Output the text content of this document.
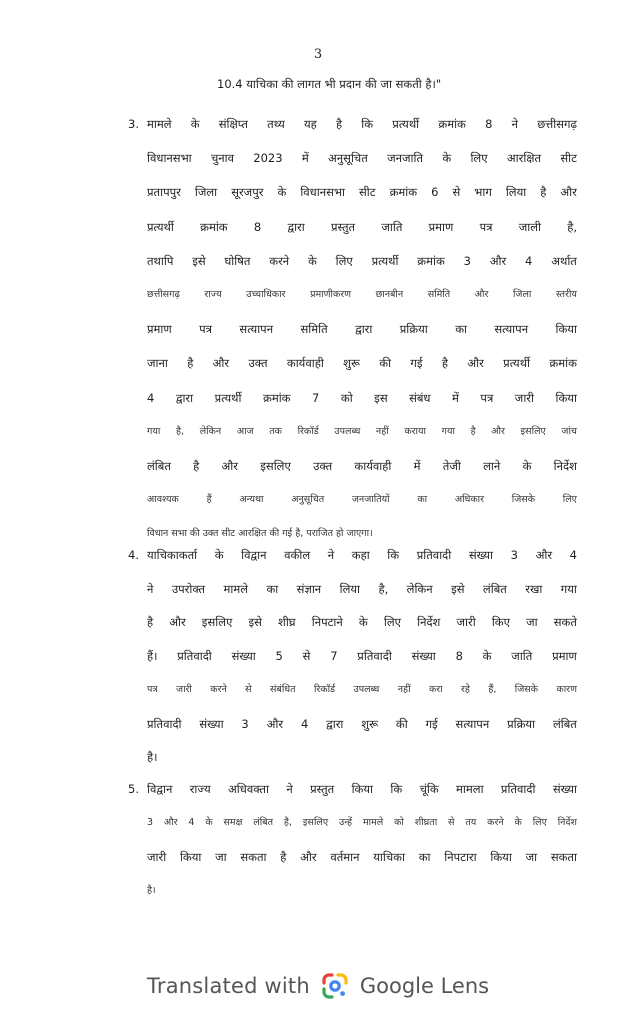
3
10.4 याचिका की लागत भी प्रदान की जा सकती है।"
3. मामले के संक्षिप्त तथ्य यह है कि प्रत्यर्थी क्रमांक 8 ने छत्तीसगढ़
विधानसभा चुनाव 2023 में अनुसूचित जनजाति के लिए आरक्षित सीट
प्रतापपुर जिला सूरजपुर के विधानसभा सीट क्रमांक 6 से भाग लिया है और
प्रत्यर्थी क्रमांक 8 द्वारा प्रस्तुत जाति प्रमाण पत्र जाली है,
तथापि इसे घोषित करने के लिए प्रत्यर्थी क्रमांक 3 और 4 अर्थात
छत्तीसगढ़	राज्य	उच्चाधिकार	प्रमाणीकरण	छानबीन	समिति	और	जिला	स्तरीय
प्रमाण पत्र सत्यापन समिति द्वारा प्रक्रिया का सत्यापन किया
जाना है और उक्त कार्यवाही शुरू की गई है और प्रत्यर्थी क्रमांक
4 द्वारा प्रत्यर्थी क्रमांक 7 को इस संबंध में पत्र जारी किया
गया है, लेकिन आज तक रिकॉर्ड उपलब्ध नहीं कराया गया है और इसलिए जांच
लंबित है और इसलिए उक्त कार्यवाही में तेजी लाने के निर्देश
आवश्यक	हैं	अन्यथा	अनुसूचित	जनजातियों	का	अधिकार	जिसके	लिए
विधान सभा की उक्त सीट आरक्षित की गई है, पराजित हो जाएगा।
4. याचिकाकर्ता के विद्वान वकील ने कहा कि प्रतिवादी संख्या 3 और 4
ने उपरोक्त मामले का संज्ञान लिया है, लेकिन इसे लंबित रखा गया
है और इसलिए इसे शीघ्र निपटाने के लिए निर्देश जारी किए जा सकते
हैं। प्रतिवादी संख्या 5 से 7 प्रतिवादी संख्या 8 के जाति प्रमाण
पत्र जारी करने से संबंधित रिकॉर्ड उपलब्ध नहीं करा रहे हैं, जिसके कारण
प्रतिवादी संख्या 3 और 4 द्वारा शुरू की गई सत्यापन प्रक्रिया लंबित
है।
5. विद्वान राज्य अधिवक्ता ने प्रस्तुत किया कि चूंकि मामला प्रतिवादी संख्या
3 और 4 के समक्ष लंबित है, इसलिए उन्हें मामले को शीघ्रता से तय करने के लिए निर्देश
जारी किया जा सकता है और वर्तमान याचिका का निपटारा किया जा सकता
है।
Translated with Google Lens
